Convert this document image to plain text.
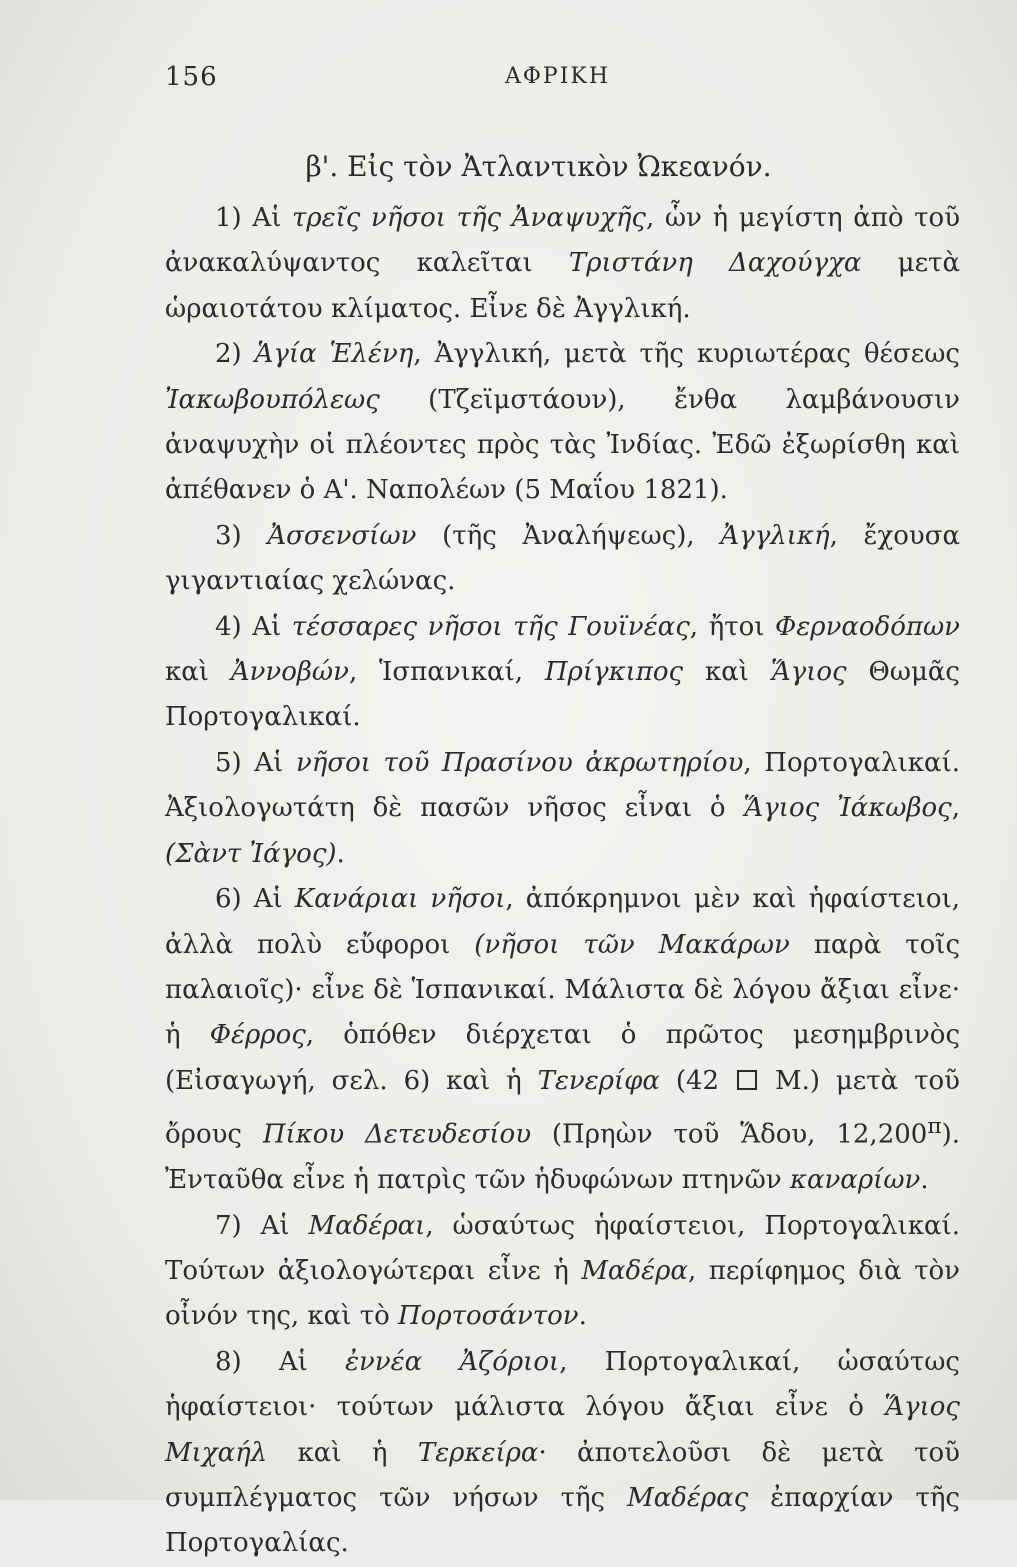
156	ΑΦΡΙΚΗ
β'. Εἰς τὸν Ἀτλαντικὸν Ὠκεανόν.

1) Αἱ τρεῖς νῆσοι τῆς Ἀναψυχῆς, ὧν ἡ μεγίστη ἀπὸ τοῦ ἀνακαλύψαντος καλεῖται Τριστάνη Δαχούγχα μετὰ ὡραιοτάτου κλίματος. Εἶνε δὲ Ἀγγλική.

2) Ἁγία Ἑλένη, Ἀγγλική, μετὰ τῆς κυριωτέρας θέσεως Ἰακωβουπόλεως (Τζεϊμστάουν), ἔνθα λαμβάνουσιν ἀναψυχὴν οἱ πλέοντες πρὸς τὰς Ἰνδίας. Ἐδῶ ἐξωρίσθη καὶ ἀπέθανεν ὁ Α'. Ναπολέων (5 Μαΐου 1821).

3) Ἀσσενσίων (τῆς Ἀναλήψεως), Ἀγγλική, ἔχουσα γιγαντιαίας χελώνας.

4) Αἱ τέσσαρες νῆσοι τῆς Γουϊνέας, ἤτοι Φερναοδόπων καὶ Ἀννοβών, Ἱσπανικαί, Πρίγκιπος καὶ Ἅγιος Θωμᾶς Πορτογαλικαί.

5) Αἱ νῆσοι τοῦ Πρασίνου ἀκρωτηρίου, Πορτογαλικαί. Ἀξιολογωτάτη δὲ πασῶν νῆσος εἶναι ὁ Ἅγιος Ἰάκωβος, (Σὰντ Ἰάγος).

6) Αἱ Κανάριαι νῆσοι, ἀπόκρημνοι μὲν καὶ ἡφαίστειοι, ἀλλὰ πολὺ εὔφοροι (νῆσοι τῶν Μακάρων παρὰ τοῖς παλαιοῖς)· εἶνε δὲ Ἱσπανικαί. Μάλιστα δὲ λόγου ἄξιαι εἶνε· ἡ Φέρρος, ὁπόθεν διέρχεται ὁ πρῶτος μεσημβρινὸς (Εἰσαγωγή, σελ. 6) καὶ ἡ Τενερίφα (42  Μ.) μετὰ τοῦ ὄρους Πίκου Δετευδεσίου (Πρηὼν τοῦ Ἅδου, $12,200^\pi$). Ἐνταῦθα εἶνε ἡ πατρὶς τῶν ἡδυφώνων πτηνῶν καναρίων.

7) Αἱ Μαδέραι, ὡσαύτως ἡφαίστειοι, Πορτογαλικαί. Τούτων ἀξιολογώτεραι εἶνε ἡ Μαδέρα, περίφημος διὰ τὸν οἶνόν της, καὶ τὸ Πορτοσάντον.

8) Αἱ ἐννέα Ἀζόριοι, Πορτογαλικαί, ὡσαύτως ἡφαίστειοι· τούτων μάλιστα λόγου ἄξιαι εἶνε ὁ Ἅγιος Μιχαήλ καὶ ἡ Τερκείρα· ἀποτελοῦσι δὲ μετὰ τοῦ συμπλέγματος τῶν νήσων τῆς Μαδέρας ἐπαρχίαν τῆς Πορτογαλίας.
